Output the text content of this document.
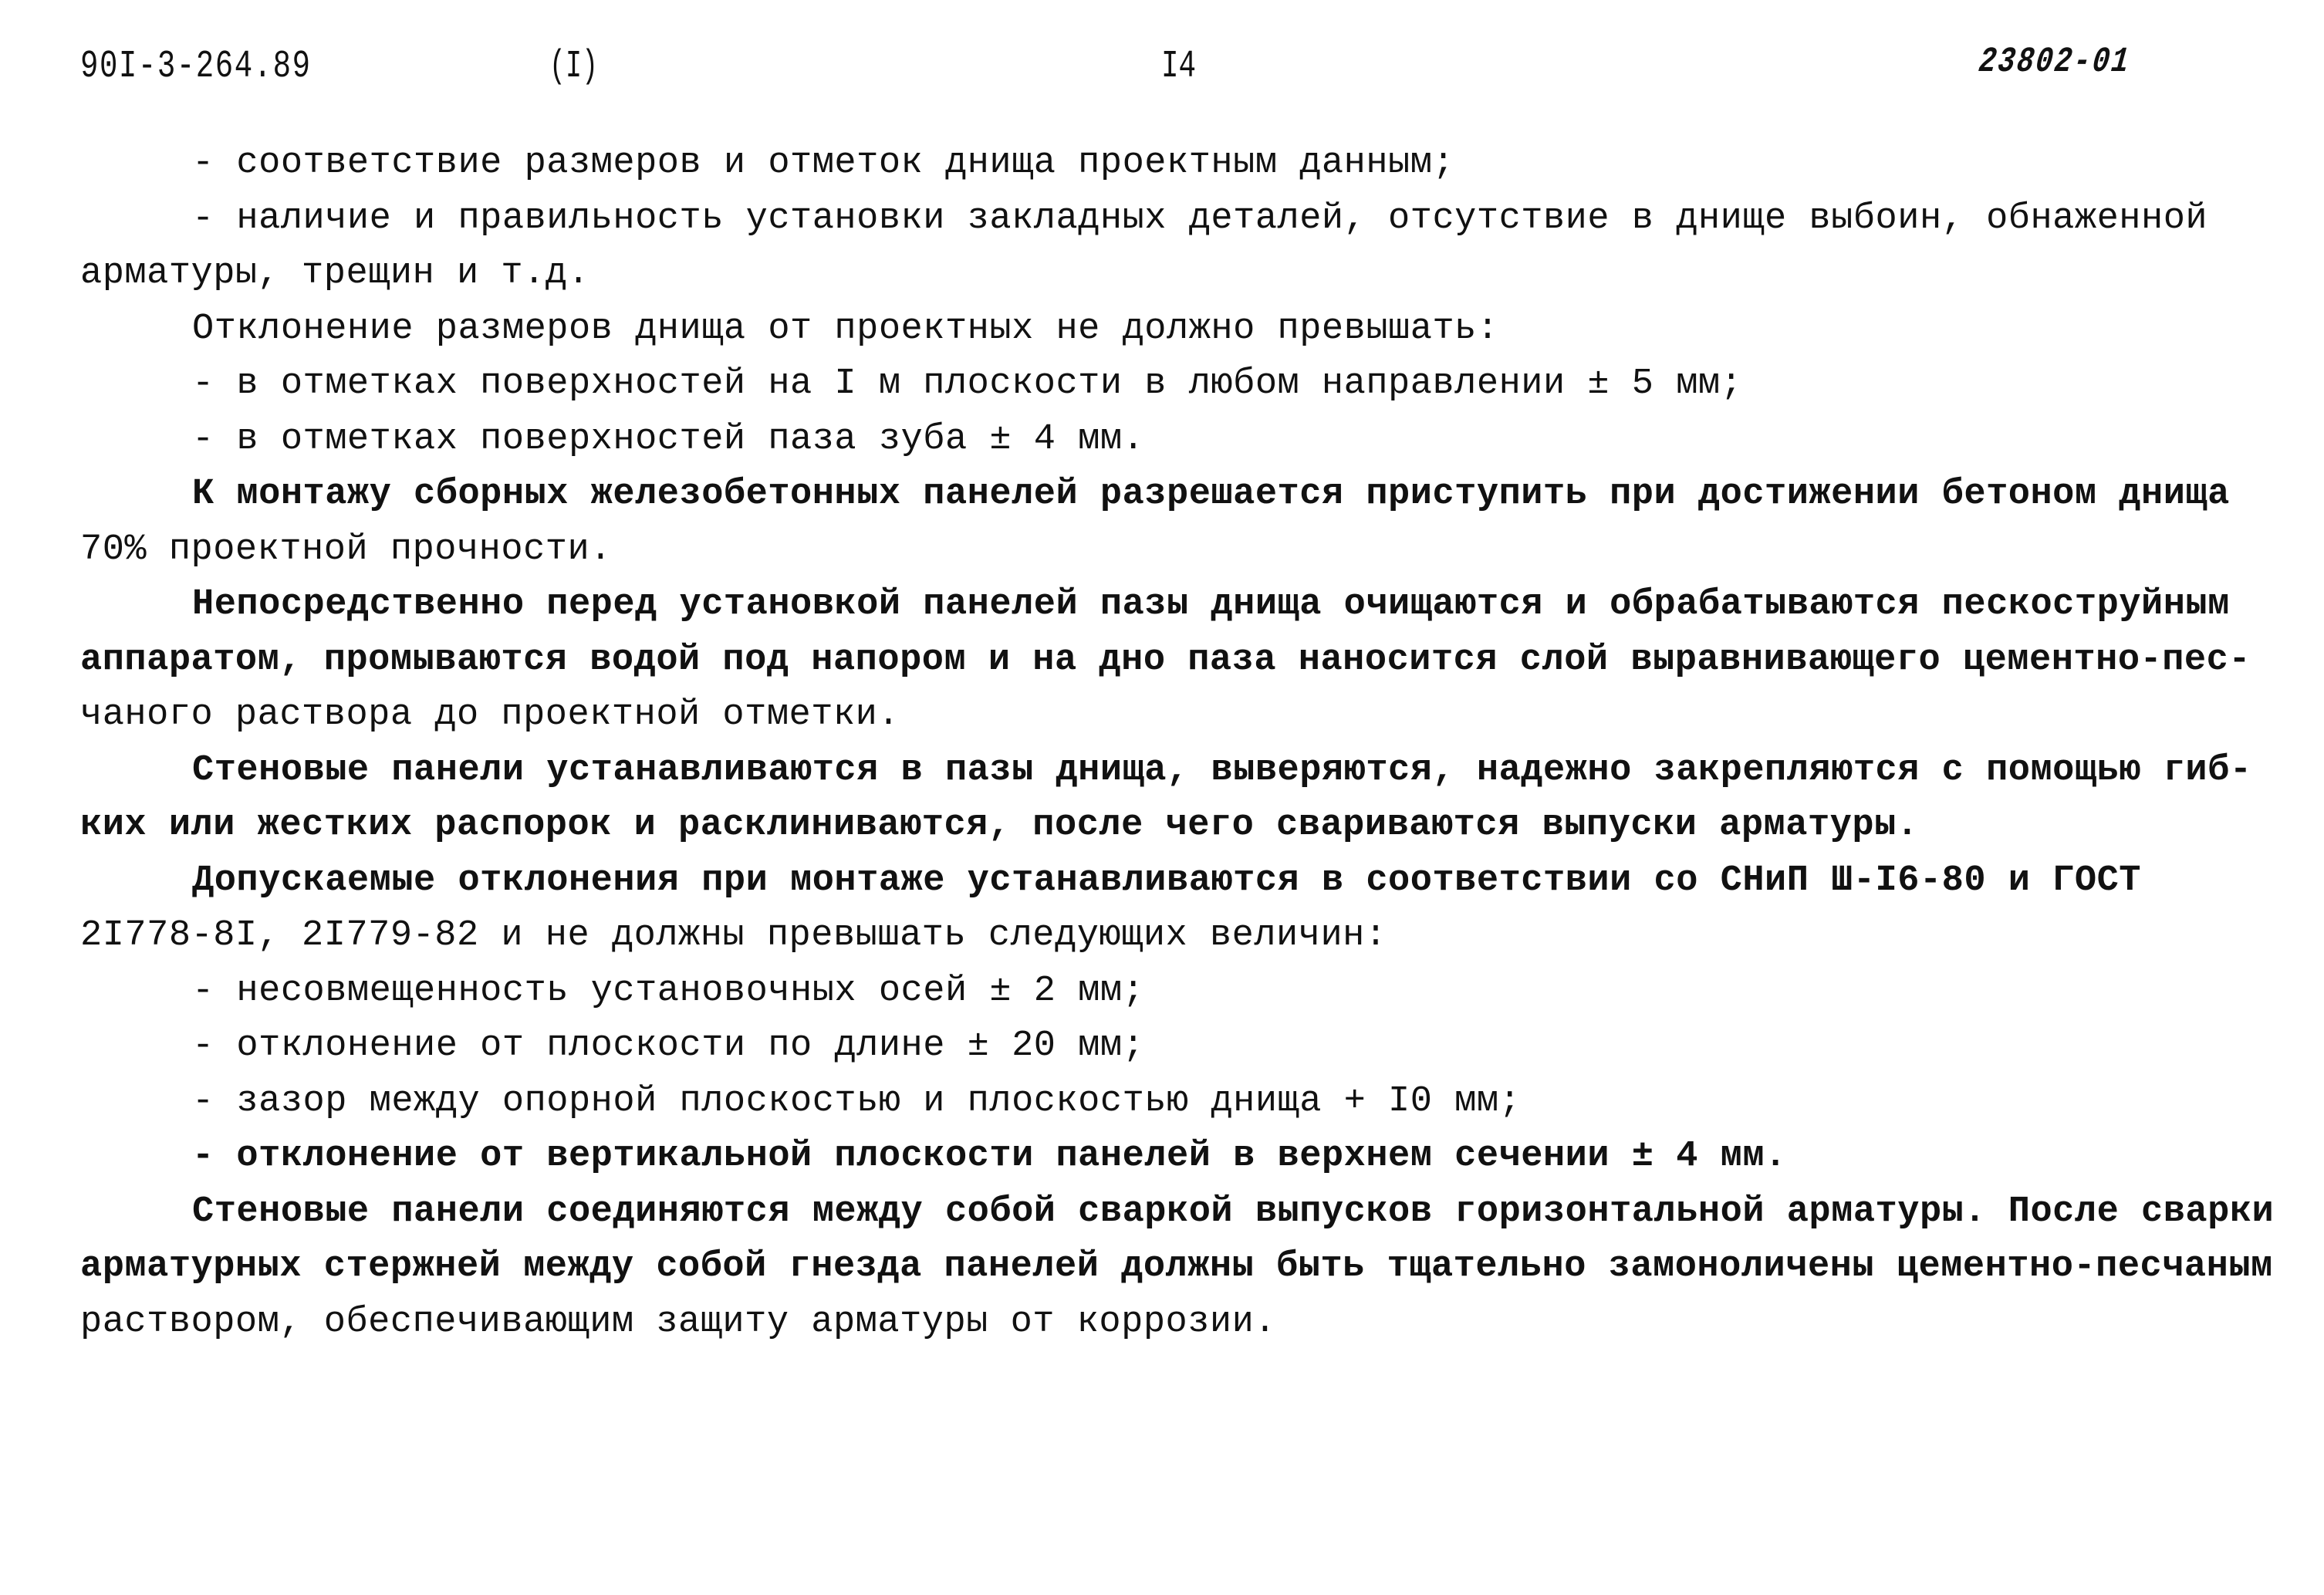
90I-3-264.89	(I)	I4	23802-01
- соответствие размеров и отметок днища проектным данным;
- наличие и правильность установки закладных деталей, отсутствие в днище выбоин, обнаженной
арматуры, трещин и т.д.
Отклонение размеров днища от проектных не должно превышать:
- в отметках поверхностей на I м плоскости в любом направлении ± 5 мм;
- в отметках поверхностей паза зуба ± 4 мм.
К монтажу сборных железобетонных панелей разрешается приступить при достижении бетоном днища
70% проектной прочности.
Непосредственно перед установкой панелей пазы днища очищаются и обрабатываются пескоструйным
аппаратом, промываются водой под напором и на дно паза наносится слой выравнивающего цементно-пес-
чаного раствора до проектной отметки.
Стеновые панели устанавливаются в пазы днища, выверяются, надежно закрепляются с помощью гиб-
ких или жестких распорок и расклиниваются, после чего свариваются выпуски арматуры.
Допускаемые отклонения при монтаже устанавливаются в соответствии со СНиП Ш-I6-80 и ГОСТ
2I778-8I, 2I779-82 и не должны превышать следующих величин:
- несовмещенность установочных осей ± 2 мм;
- отклонение от плоскости по длине ± 20 мм;
- зазор между опорной плоскостью и плоскостью днища + I0 мм;
- отклонение от вертикальной плоскости панелей в верхнем сечении ± 4 мм.
Стеновые панели соединяются между собой сваркой выпусков горизонтальной арматуры. После сварки
арматурных стержней между собой гнезда панелей должны быть тщательно замоноличены цементно-песчаным
раствором, обеспечивающим защиту арматуры от коррозии.
